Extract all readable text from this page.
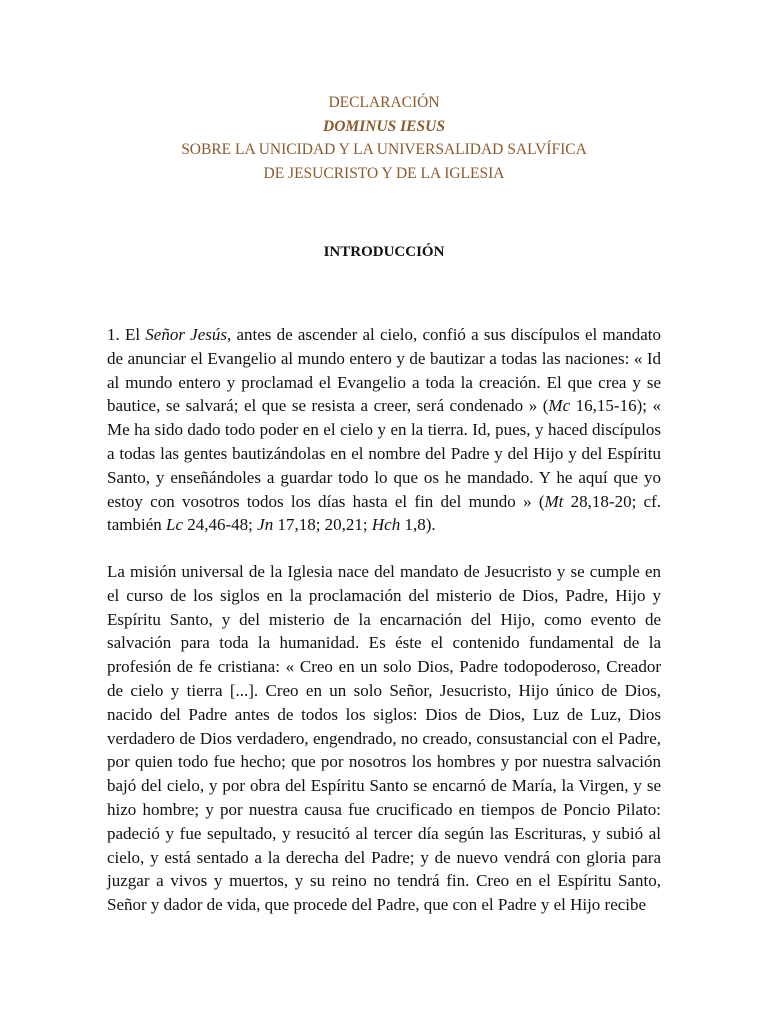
DECLARACIÓN
DOMINUS IESUS
SOBRE LA UNICIDAD Y LA UNIVERSALIDAD SALVÍFICA
DE JESUCRISTO Y DE LA IGLESIA
INTRODUCCIÓN
1. El Señor Jesús, antes de ascender al cielo, confió a sus discípulos el mandato de anunciar el Evangelio al mundo entero y de bautizar a todas las naciones: « Id al mundo entero y proclamad el Evangelio a toda la creación. El que crea y se bautice, se salvará; el que se resista a creer, será condenado » (Mc 16,15-16); « Me ha sido dado todo poder en el cielo y en la tierra. Id, pues, y haced discípulos a todas las gentes bautizándolas en el nombre del Padre y del Hijo y del Espíritu Santo, y enseñándoles a guardar todo lo que os he mandado. Y he aquí que yo estoy con vosotros todos los días hasta el fin del mundo » (Mt 28,18-20; cf. también Lc 24,46-48; Jn 17,18; 20,21; Hch 1,8).
La misión universal de la Iglesia nace del mandato de Jesucristo y se cumple en el curso de los siglos en la proclamación del misterio de Dios, Padre, Hijo y Espíritu Santo, y del misterio de la encarnación del Hijo, como evento de salvación para toda la humanidad. Es éste el contenido fundamental de la profesión de fe cristiana: « Creo en un solo Dios, Padre todopoderoso, Creador de cielo y tierra [...]. Creo en un solo Señor, Jesucristo, Hijo único de Dios, nacido del Padre antes de todos los siglos: Dios de Dios, Luz de Luz, Dios verdadero de Dios verdadero, engendrado, no creado, consustancial con el Padre, por quien todo fue hecho; que por nosotros los hombres y por nuestra salvación bajó del cielo, y por obra del Espíritu Santo se encarnó de María, la Virgen, y se hizo hombre; y por nuestra causa fue crucificado en tiempos de Poncio Pilato: padeció y fue sepultado, y resucitó al tercer día según las Escrituras, y subió al cielo, y está sentado a la derecha del Padre; y de nuevo vendrá con gloria para juzgar a vivos y muertos, y su reino no tendrá fin. Creo en el Espíritu Santo, Señor y dador de vida, que procede del Padre, que con el Padre y el Hijo recibe
